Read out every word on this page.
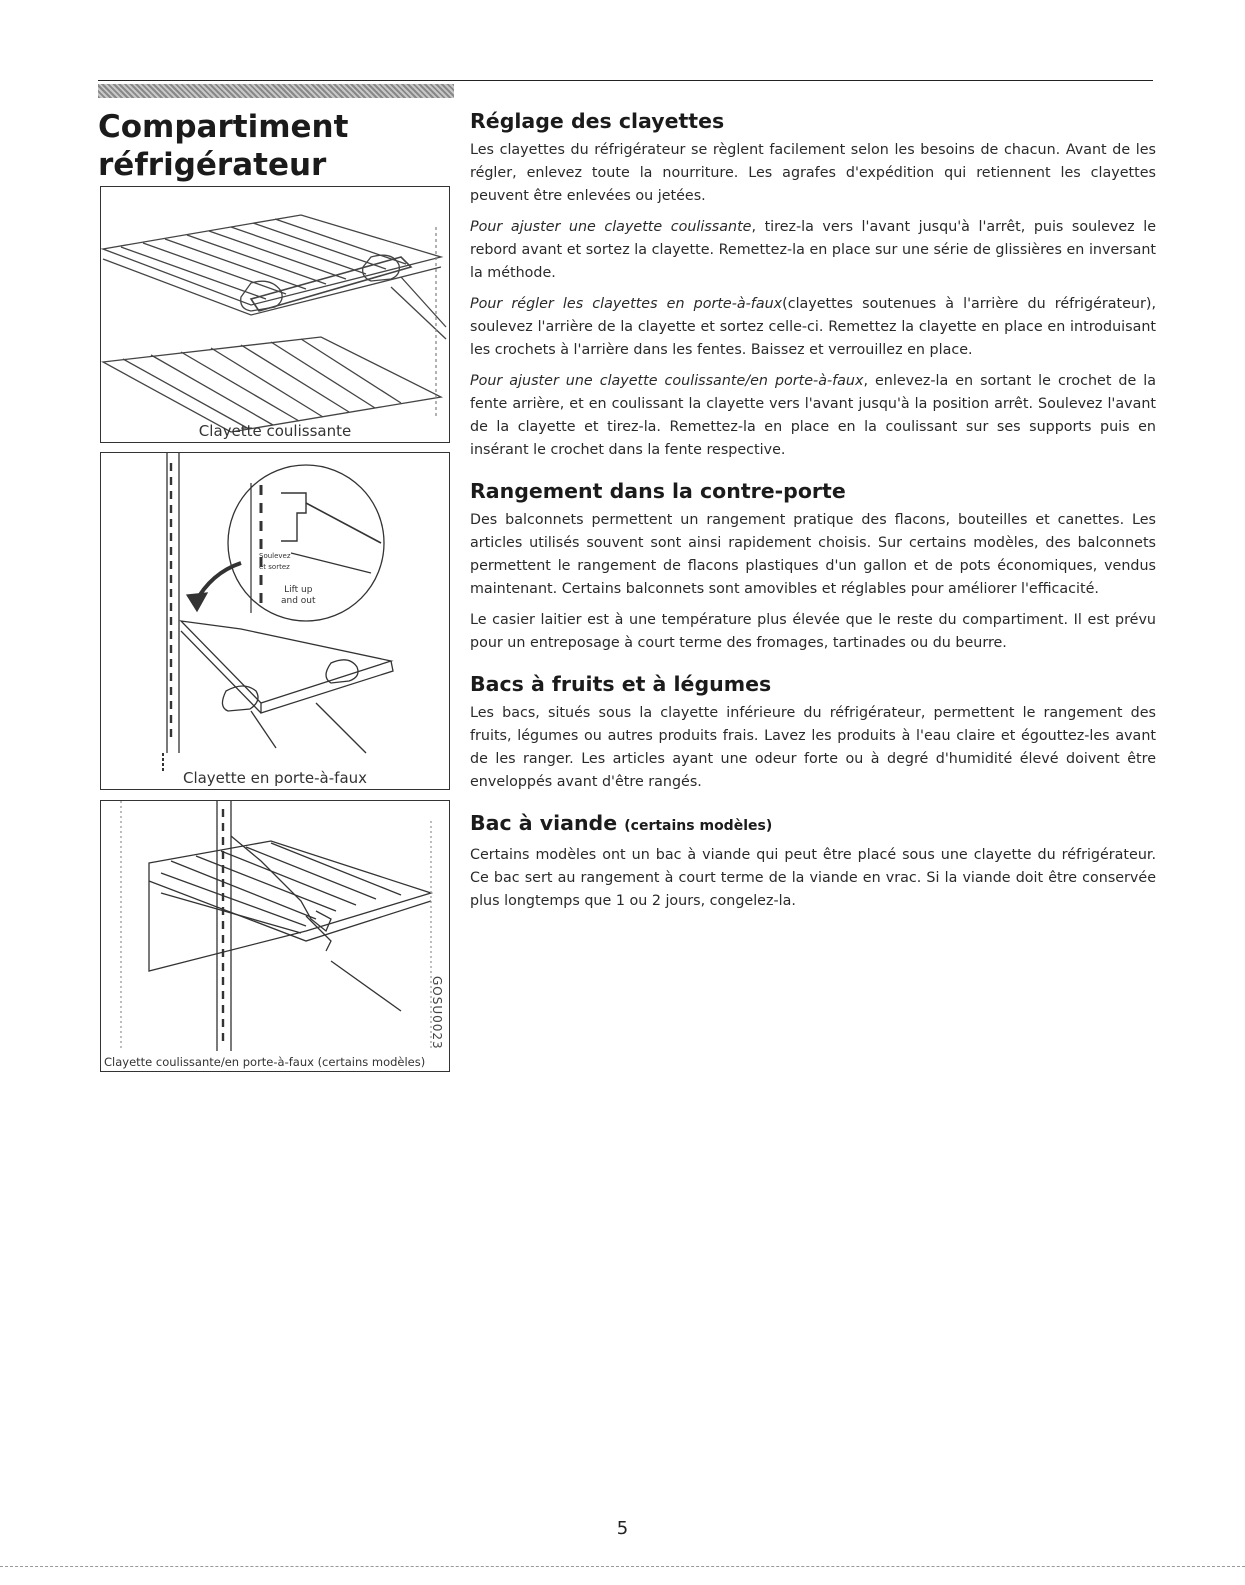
Compartiment
réfrigérateur
Clayette coulissante
Soulevez
et sortez
Lift up
and out
Clayette en porte-à-faux
GOSU0023
Clayette coulissante/en porte-à-faux (certains modèles)
Réglage des clayettes

Les clayettes du réfrigérateur se règlent facilement selon les besoins de chacun. Avant de les régler, enlevez toute la nourriture. Les agrafes d'expédition qui retiennent les clayettes peuvent être enlevées ou jetées.

Pour ajuster une clayette coulissante, tirez-la vers l'avant jusqu'à l'arrêt, puis soulevez le rebord avant et sortez la clayette. Remettez-la en place sur une série de glissières en inversant la méthode.

Pour régler les clayettes en porte-à-faux(clayettes soutenues à l'arrière du réfrigérateur), soulevez l'arrière de la clayette et sortez celle-ci. Remettez la clayette en place en introduisant les crochets à l'arrière dans les fentes. Baissez et verrouillez en place.

Pour ajuster une clayette coulissante/en porte-à-faux, enlevez-la en sortant le crochet de la fente arrière, et en coulissant la clayette vers l'avant jusqu'à la position arrêt. Soulevez l'avant de la clayette et tirez-la. Remettez-la en place en la coulissant sur ses supports puis en insérant le crochet dans la fente respective.

Rangement dans la contre-porte

Des balconnets permettent un rangement pratique des flacons, bouteilles et canettes. Les articles utilisés souvent sont ainsi rapidement choisis. Sur certains modèles, des balconnets permettent le rangement de flacons plastiques d'un gallon et de pots économiques, vendus maintenant. Certains balconnets sont amovibles et réglables pour améliorer l'efficacité.

Le casier laitier est à une température plus élevée que le reste du compartiment. Il est prévu pour un entreposage à court terme des fromages, tartinades ou du beurre.

Bacs à fruits et à légumes

Les bacs, situés sous la clayette inférieure du réfrigérateur, permettent le rangement des fruits, légumes ou autres produits frais. Lavez les produits à l'eau claire et égouttez-les avant de les ranger. Les articles ayant une odeur forte ou à degré d'humidité élevé doivent être enveloppés avant d'être rangés.

Bac à viande (certains modèles)

Certains modèles ont un bac à viande qui peut être placé sous une clayette du réfrigérateur. Ce bac sert au rangement à court terme de la viande en vrac. Si la viande doit être conservée plus longtemps que 1 ou 2 jours, congelez-la.

5
